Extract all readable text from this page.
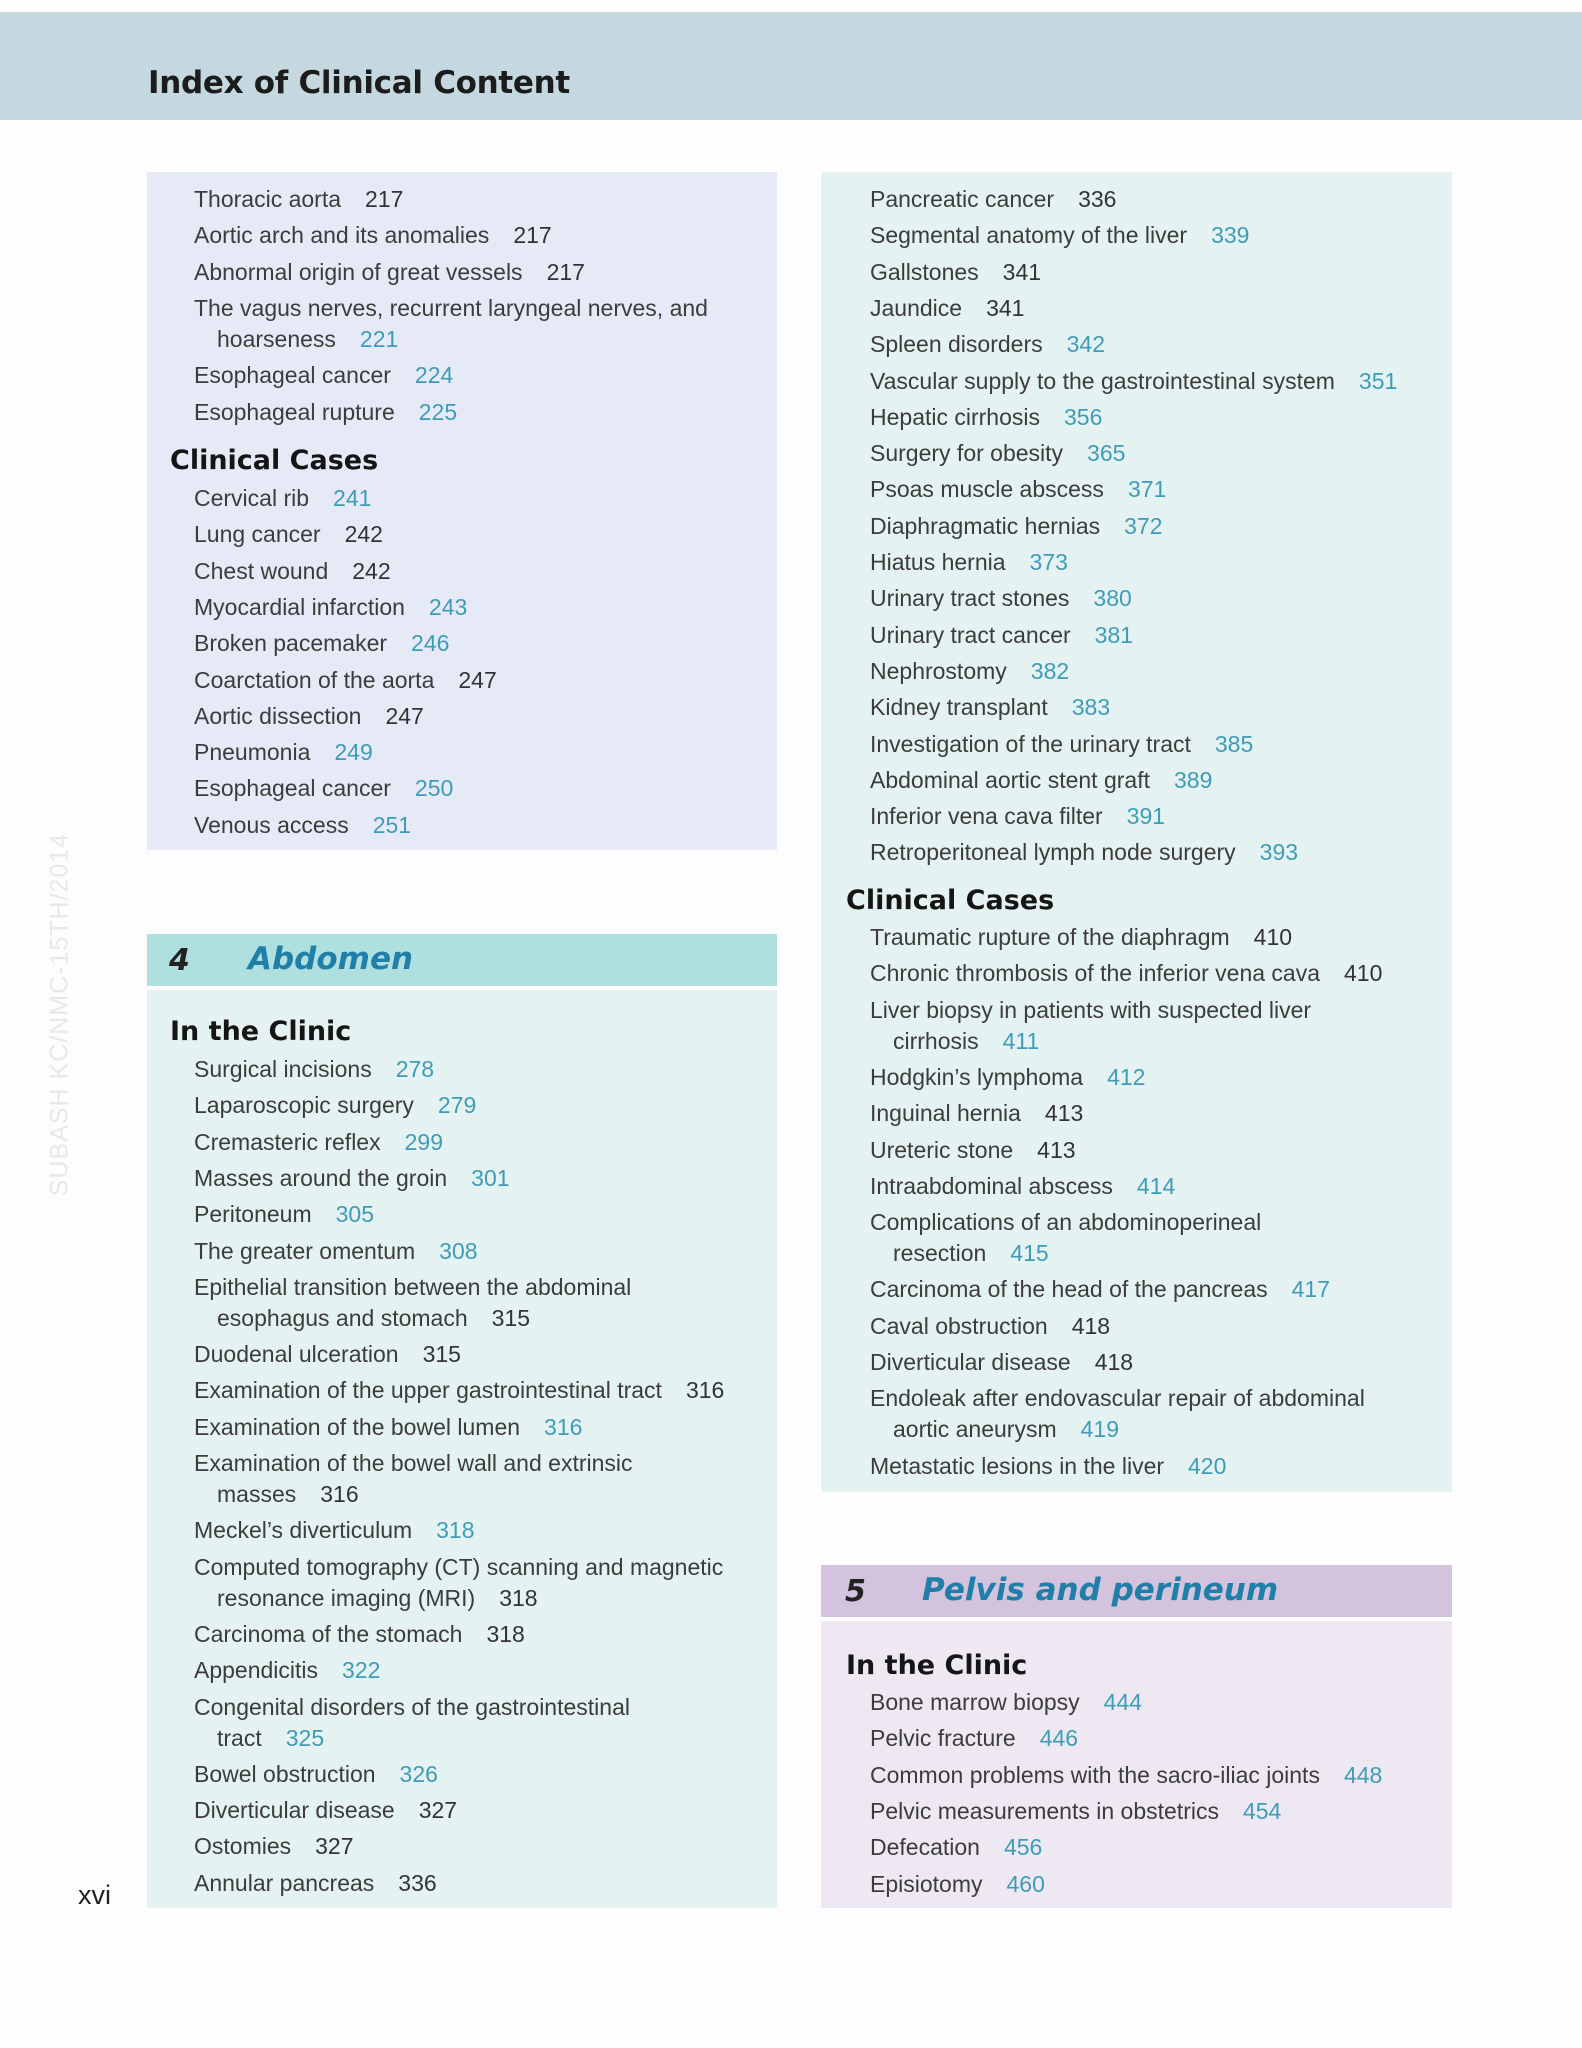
Index of Clinical Content
SUBASH KC/NMC-15TH/2014	4 Abdomen
5 Pelvis and perineum
Clinical Cases
In the Clinic
Clinical Cases
In the Clinic
Thoracic aorta 217
Aortic arch and its anomalies 217
Abnormal origin of great vessels 217
The vagus nerves, recurrent laryngeal nerves, and
hoarseness 221
Esophageal cancer 224
Esophageal rupture 225
Cervical rib 241
Lung cancer 242
Chest wound 242
Myocardial infarction 243
Broken pacemaker 246
Coarctation of the aorta 247
Aortic dissection 247
Pneumonia 249
Esophageal cancer 250
Venous access 251
Surgical incisions 278
Laparoscopic surgery 279
Cremasteric reflex 299
Masses around the groin 301
Peritoneum 305
The greater omentum 308
Epithelial transition between the abdominal
esophagus and stomach 315
Duodenal ulceration 315
Examination of the upper gastrointestinal tract 316
Examination of the bowel lumen 316
Examination of the bowel wall and extrinsic
masses 316
Meckel’s diverticulum 318
Computed tomography (CT) scanning and magnetic
resonance imaging (MRI) 318
Carcinoma of the stomach 318
Appendicitis 322
Congenital disorders of the gastrointestinal
tract 325
Bowel obstruction 326
Diverticular disease 327
Ostomies 327
Annular pancreas 336
Pancreatic cancer 336
Segmental anatomy of the liver 339
Gallstones 341
Jaundice 341
Spleen disorders 342
Vascular supply to the gastrointestinal system 351
Hepatic cirrhosis 356
Surgery for obesity 365
Psoas muscle abscess 371
Diaphragmatic hernias 372
Hiatus hernia 373
Urinary tract stones 380
Urinary tract cancer 381
Nephrostomy 382
Kidney transplant 383
Investigation of the urinary tract 385
Abdominal aortic stent graft 389
Inferior vena cava filter 391
Retroperitoneal lymph node surgery 393
Traumatic rupture of the diaphragm 410
Chronic thrombosis of the inferior vena cava 410
Liver biopsy in patients with suspected liver
cirrhosis 411
Hodgkin’s lymphoma 412
Inguinal hernia 413
Ureteric stone 413
Intraabdominal abscess 414
Complications of an abdominoperineal
resection 415
Carcinoma of the head of the pancreas 417
Caval obstruction 418
Diverticular disease 418
Endoleak after endovascular repair of abdominal
aortic aneurysm 419
Metastatic lesions in the liver 420
Bone marrow biopsy 444
Pelvic fracture 446
Common problems with the sacro-iliac joints 448
Pelvic measurements in obstetrics 454
Defecation 456
Episiotomy 460
xvi
